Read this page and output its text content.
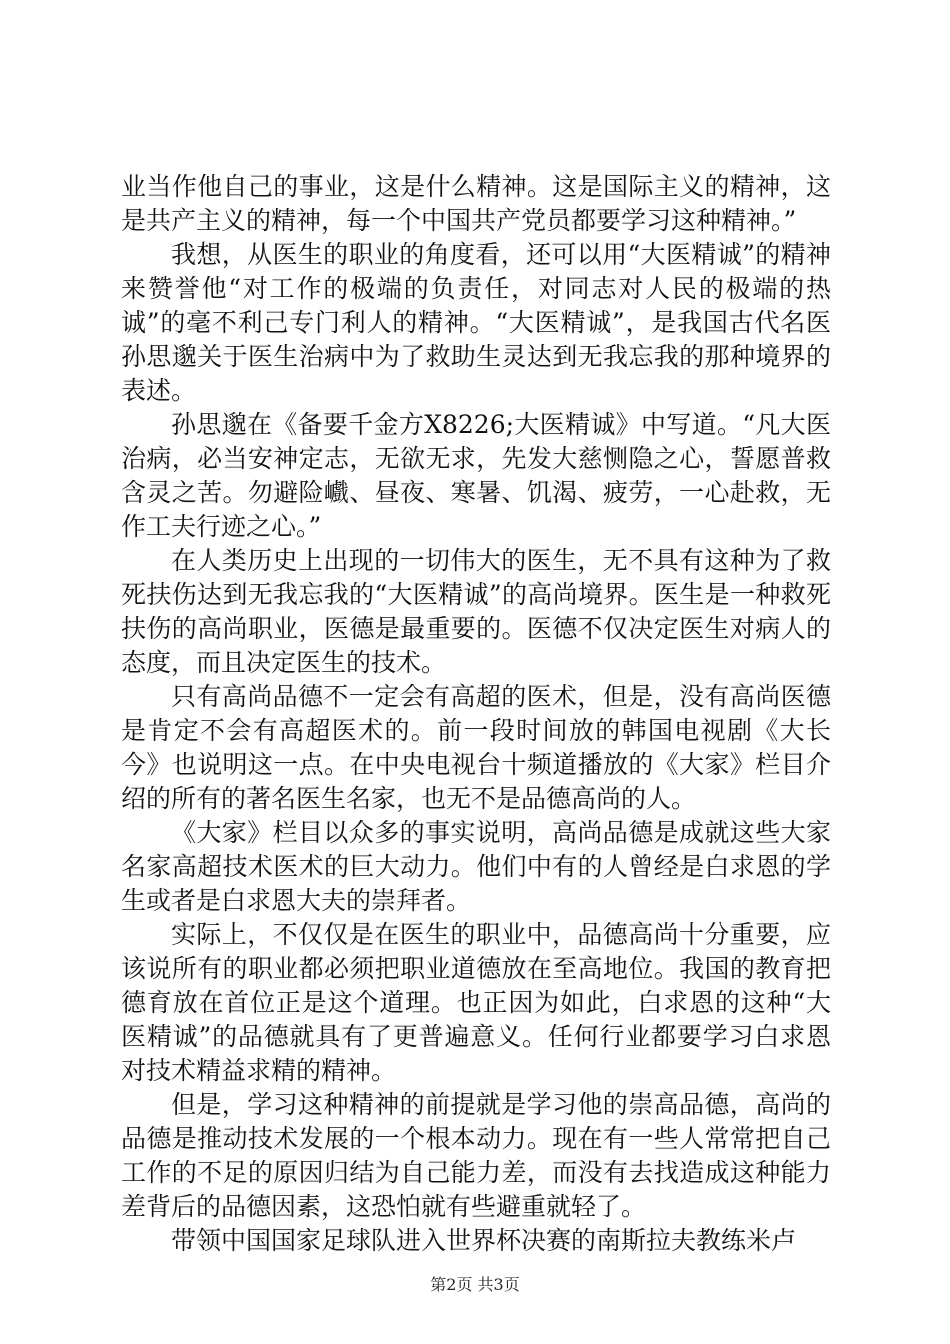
业当作他自己的事业，这是什么精神。这是国际主义的精神，这是共产主义的精神，每一个中国共产党员都要学习这种精神。”

我想，从医生的职业的角度看，还可以用“大医精诚”的精神来赞誉他“对工作的极端的负责任，对同志对人民的极端的热诚”的毫不利己专门利人的精神。“大医精诚”，是我国古代名医孙思邈关于医生治病中为了救助生灵达到无我忘我的那种境界的表述。

孙思邈在《备要千金方X8226;大医精诚》中写道。“凡大医治病，必当安神定志，无欲无求，先发大慈恻隐之心，誓愿普救含灵之苦。勿避险巇、昼夜、寒暑、饥渴、疲劳，一心赴救，无作工夫行迹之心。”

在人类历史上出现的一切伟大的医生，无不具有这种为了救死扶伤达到无我忘我的“大医精诚”的高尚境界。医生是一种救死扶伤的高尚职业，医德是最重要的。医德不仅决定医生对病人的态度，而且决定医生的技术。

只有高尚品德不一定会有高超的医术，但是，没有高尚医德是肯定不会有高超医术的。前一段时间放的韩国电视剧《大长今》也说明这一点。在中央电视台十频道播放的《大家》栏目介绍的所有的著名医生名家，也无不是品德高尚的人。

《大家》栏目以众多的事实说明，高尚品德是成就这些大家名家高超技术医术的巨大动力。他们中有的人曾经是白求恩的学生或者是白求恩大夫的崇拜者。

实际上，不仅仅是在医生的职业中，品德高尚十分重要，应该说所有的职业都必须把职业道德放在至高地位。我国的教育把德育放在首位正是这个道理。也正因为如此，白求恩的这种“大医精诚”的品德就具有了更普遍意义。任何行业都要学习白求恩对技术精益求精的精神。

但是，学习这种精神的前提就是学习他的崇高品德，高尚的品德是推动技术发展的一个根本动力。现在有一些人常常把自己工作的不足的原因归结为自己能力差，而没有去找造成这种能力差背后的品德因素，这恐怕就有些避重就轻了。

带领中国国家足球队进入世界杯决赛的南斯拉夫教练米卢

第2页 共3页
